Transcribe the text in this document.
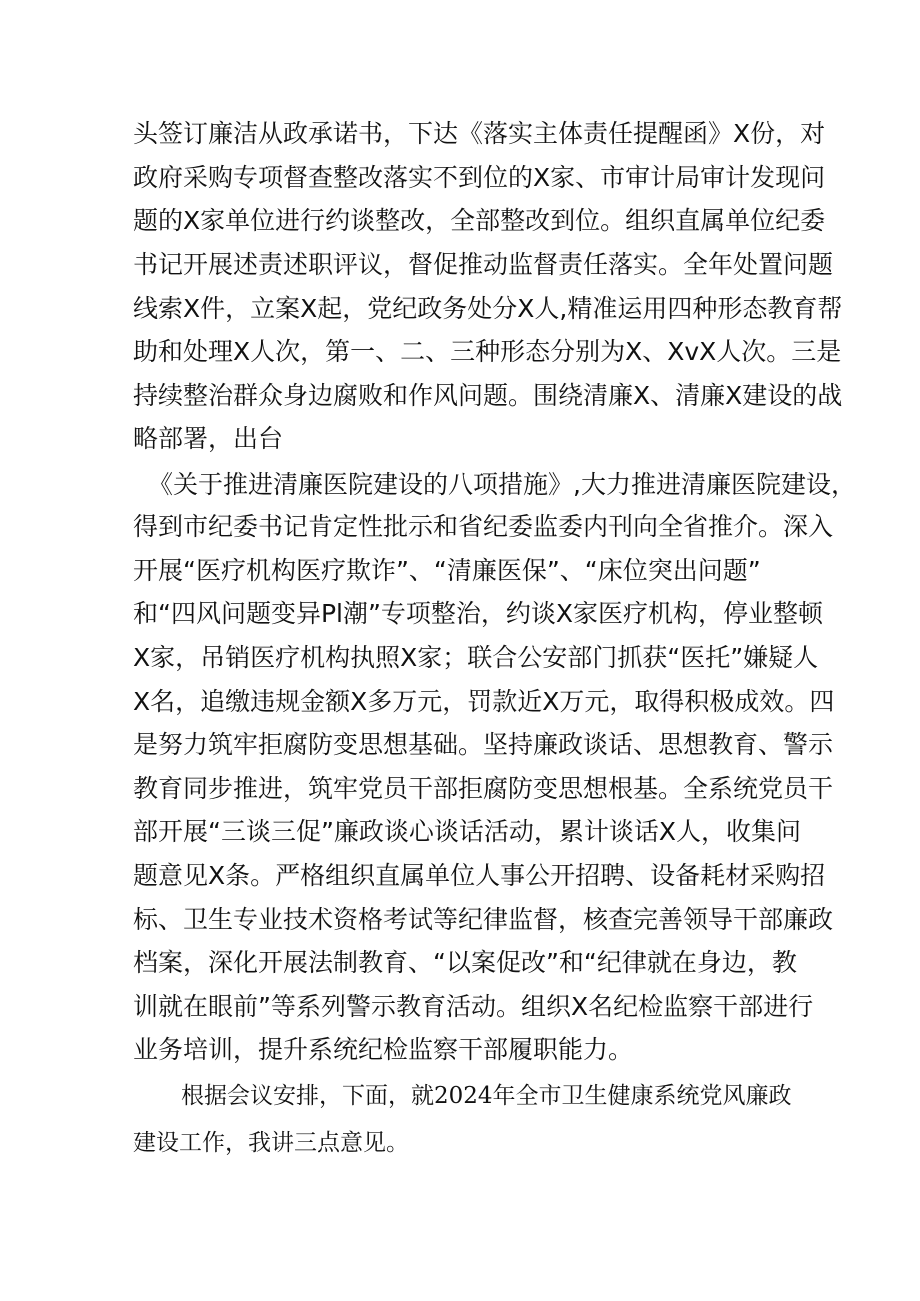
头签订廉洁从政承诺书，下达《落实主体责任提醒函》X份，对
政府采购专项督查整改落实不到位的X家、市审计局审计发现问
题的X家单位进行约谈整改，全部整改到位。组织直属单位纪委
书记开展述责述职评议，督促推动监督责任落实。全年处置问题
线索X件，立案X起，党纪政务处分X人,精准运用四种形态教育帮
助和处理X人次，第一、二、三种形态分别为X、XvX人次。三是
持续整治群众身边腐败和作风问题。围绕清廉X、清廉X建设的战
略部署，出台
《关于推进清廉医院建设的八项措施》,大力推进清廉医院建设，
得到市纪委书记肯定性批示和省纪委监委内刊向全省推介。深入
开展“医疗机构医疗欺诈”、“清廉医保”、“床位突出问题”
和“四风问题变异Pl潮”专项整治，约谈X家医疗机构，停业整顿
X家，吊销医疗机构执照X家；联合公安部门抓获“医托”嫌疑人
X名，追缴违规金额X多万元，罚款近X万元，取得积极成效。四
是努力筑牢拒腐防变思想基础。坚持廉政谈话、思想教育、警示
教育同步推进，筑牢党员干部拒腐防变思想根基。全系统党员干
部开展“三谈三促”廉政谈心谈话活动，累计谈话X人，收集问
题意见X条。严格组织直属单位人事公开招聘、设备耗材采购招
标、卫生专业技术资格考试等纪律监督，核查完善领导干部廉政
档案，深化开展法制教育、“以案促改”和“纪律就在身边，教
训就在眼前”等系列警示教育活动。组织X名纪检监察干部进行
业务培训，提升系统纪检监察干部履职能力。
根据会议安排，下面，就2024年全市卫生健康系统党风廉政
建设工作，我讲三点意见。
